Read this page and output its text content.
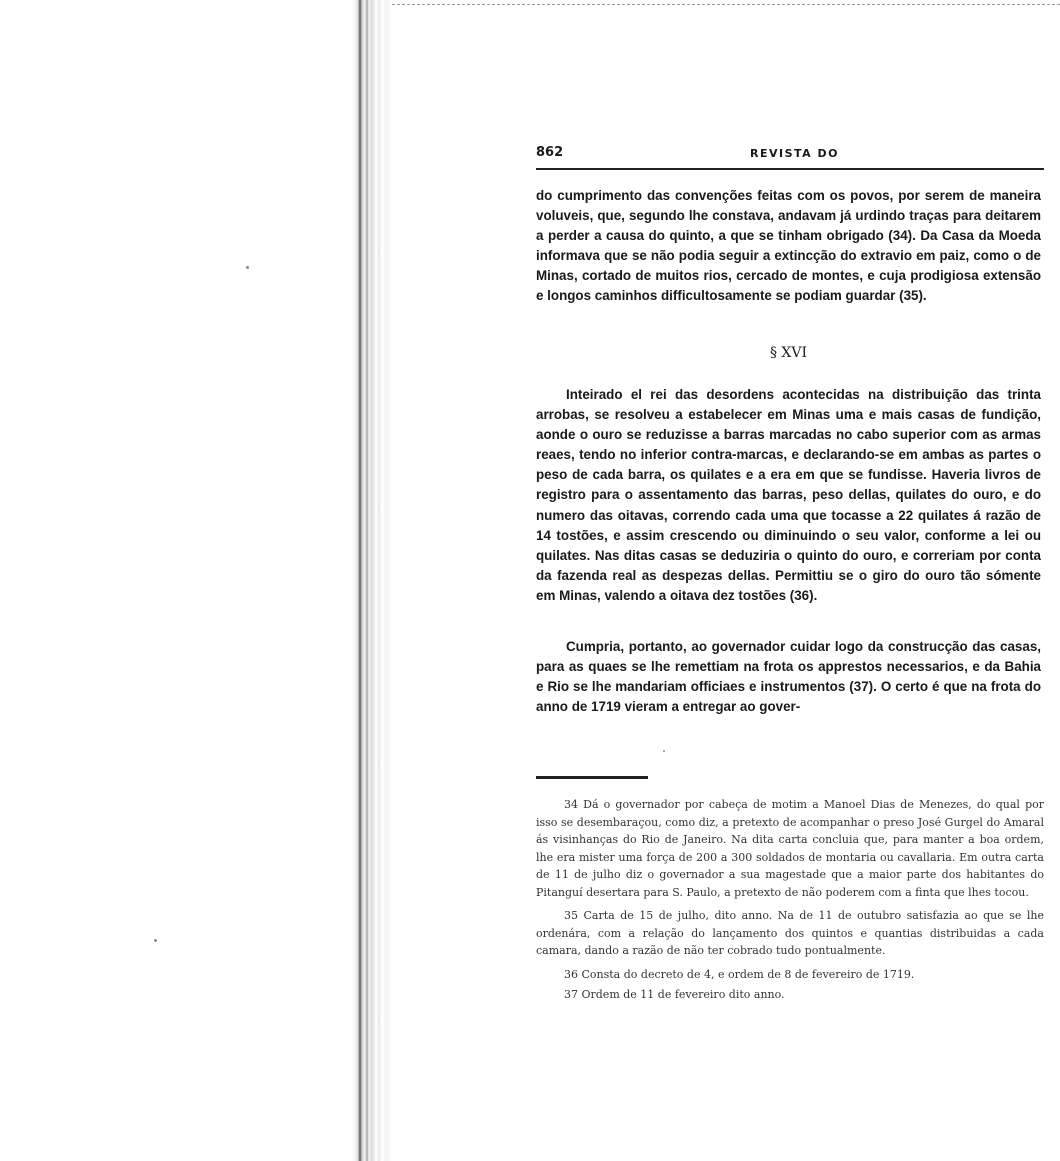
862	REVISTA DO

do cumprimento das convenções feitas com os povos, por serem de maneira voluveis, que, segundo lhe constava, andavam já urdindo traças para deitarem a perder a causa do quinto, a que se tinham obrigado (34). Da Casa da Moeda informava que se não podia seguir a extincção do extravio em paiz, como o de Minas, cortado de muitos rios, cercado de montes, e cuja prodigiosa extensão e longos caminhos difficultosamente se podiam guardar (35).

§ XVI

Inteirado el rei das desordens acontecidas na distribuição das trinta arrobas, se resolveu a estabelecer em Minas uma e mais casas de fundição, aonde o ouro se reduzisse a barras marcadas no cabo superior com as armas reaes, tendo no inferior contra-marcas, e declarando-se em ambas as partes o peso de cada barra, os quilates e a era em que se fundisse. Haveria livros de registro para o assentamento das barras, peso dellas, quilates do ouro, e do numero das oitavas, correndo cada uma que tocasse a 22 quilates á razão de 14 tostões, e assim crescendo ou diminuindo o seu valor, conforme a lei ou quilates. Nas ditas casas se deduziria o quinto do ouro, e correriam por conta da fazenda real as despezas dellas. Permittiu se o giro do ouro tão sómente em Minas, valendo a oitava dez tostões (36).

Cumpria, portanto, ao governador cuidar logo da construcção das casas, para as quaes se lhe remettiam na frota os apprestos necessarios, e da Bahia e Rio se lhe mandariam officiaes e instrumentos (37). O certo é que na frota do anno de 1719 vieram a entregar ao gover-

34 Dá o governador por cabeça de motim a Manoel Dias de Menezes, do qual por isso se desembaraçou, como diz, a pretexto de acompanhar o preso José Gurgel do Amaral ás visinhanças do Rio de Janeiro. Na dita carta concluia que, para manter a boa ordem, lhe era mister uma força de 200 a 300 soldados de montaria ou cavallaria. Em outra carta de 11 de julho diz o governador a sua magestade que a maior parte dos habitantes do Pitanguí desertara para S. Paulo, a pretexto de não poderem com a finta que lhes tocou.

35 Carta de 15 de julho, dito anno. Na de 11 de outubro satisfazia ao que se lhe ordenára, com a relação do lançamento dos quintos e quantias distribuidas a cada camara, dando a razão de não ter cobrado tudo pontualmente.

36 Consta do decreto de 4, e ordem de 8 de fevereiro de 1719.

37 Ordem de 11 de fevereiro dito anno.
